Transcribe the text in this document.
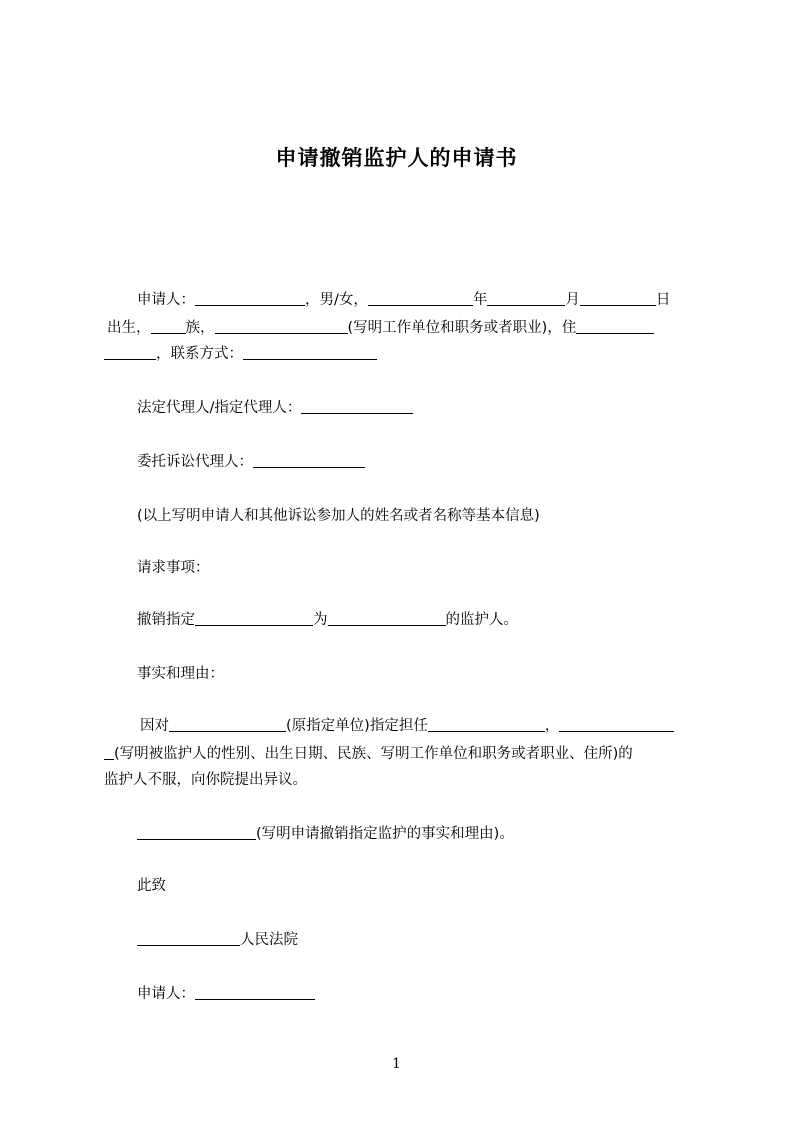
申请撤销监护人的申请书
申请人：	，男/女，	年	月	日
出生， 族，	(写明工作单位和职务或者职业)，住
，联系方式：
法定代理人/指定代理人：
委托诉讼代理人：
(以上写明申请人和其他诉讼参加人的姓名或者名称等基本信息)
请求事项：
撤销指定	为	的监护人。
事实和理由：
因对	(原指定单位)指定担任	，
(写明被监护人的性别、出生日期、民族、写明工作单位和职务或者职业、住所)的
监护人不服，向你院提出异议。
(写明申请撤销指定监护的事实和理由)。
此致
人民法院
申请人：
1
